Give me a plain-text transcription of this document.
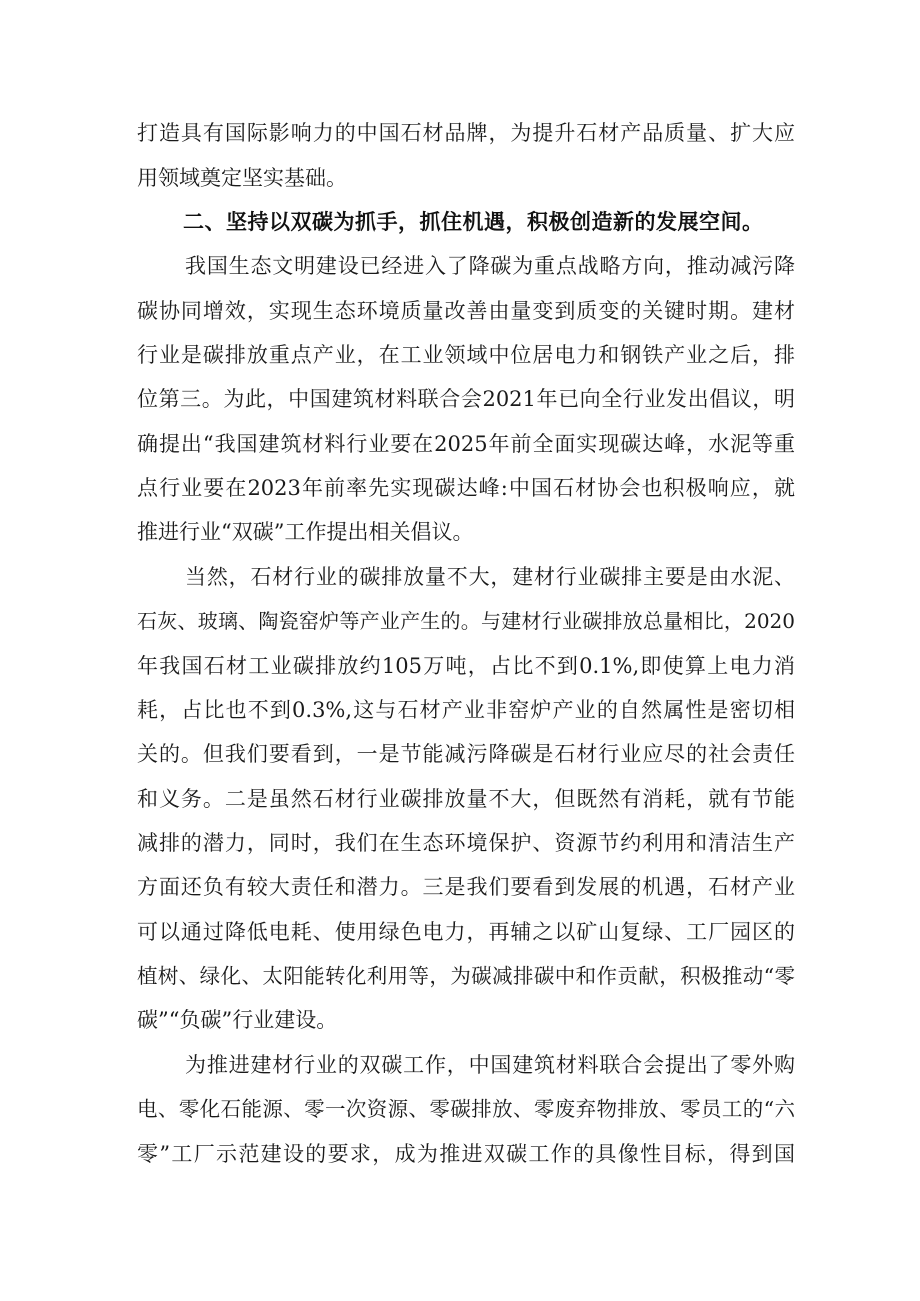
打造具有国际影响力的中国石材品牌，为提升石材产品质量、扩大应
用领域奠定坚实基础。
二、坚持以双碳为抓手，抓住机遇，积极创造新的发展空间。
我国生态文明建设已经进入了降碳为重点战略方向，推动减污降
碳协同增效，实现生态环境质量改善由量变到质变的关键时期。建材
行业是碳排放重点产业，在工业领域中位居电力和钢铁产业之后，排
位第三。为此，中国建筑材料联合会2021年已向全行业发出倡议，明
确提出“我国建筑材料行业要在2025年前全面实现碳达峰，水泥等重
点行业要在2023年前率先实现碳达峰:中国石材协会也积极响应，就
推进行业“双碳”工作提出相关倡议。
当然，石材行业的碳排放量不大，建材行业碳排主要是由水泥、
石灰、玻璃、陶瓷窑炉等产业产生的。与建材行业碳排放总量相比，2020
年我国石材工业碳排放约105万吨，占比不到0.1%,即使算上电力消
耗，占比也不到0.3%,这与石材产业非窑炉产业的自然属性是密切相
关的。但我们要看到，一是节能减污降碳是石材行业应尽的社会责任
和义务。二是虽然石材行业碳排放量不大，但既然有消耗，就有节能
减排的潜力，同时，我们在生态环境保护、资源节约利用和清洁生产
方面还负有较大责任和潜力。三是我们要看到发展的机遇，石材产业
可以通过降低电耗、使用绿色电力，再辅之以矿山复绿、工厂园区的
植树、绿化、太阳能转化利用等，为碳减排碳中和作贡献，积极推动“零
碳”“负碳”行业建设。
为推进建材行业的双碳工作，中国建筑材料联合会提出了零外购
电、零化石能源、零一次资源、零碳排放、零废弃物排放、零员工的“六
零”工厂示范建设的要求，成为推进双碳工作的具像性目标，得到国
